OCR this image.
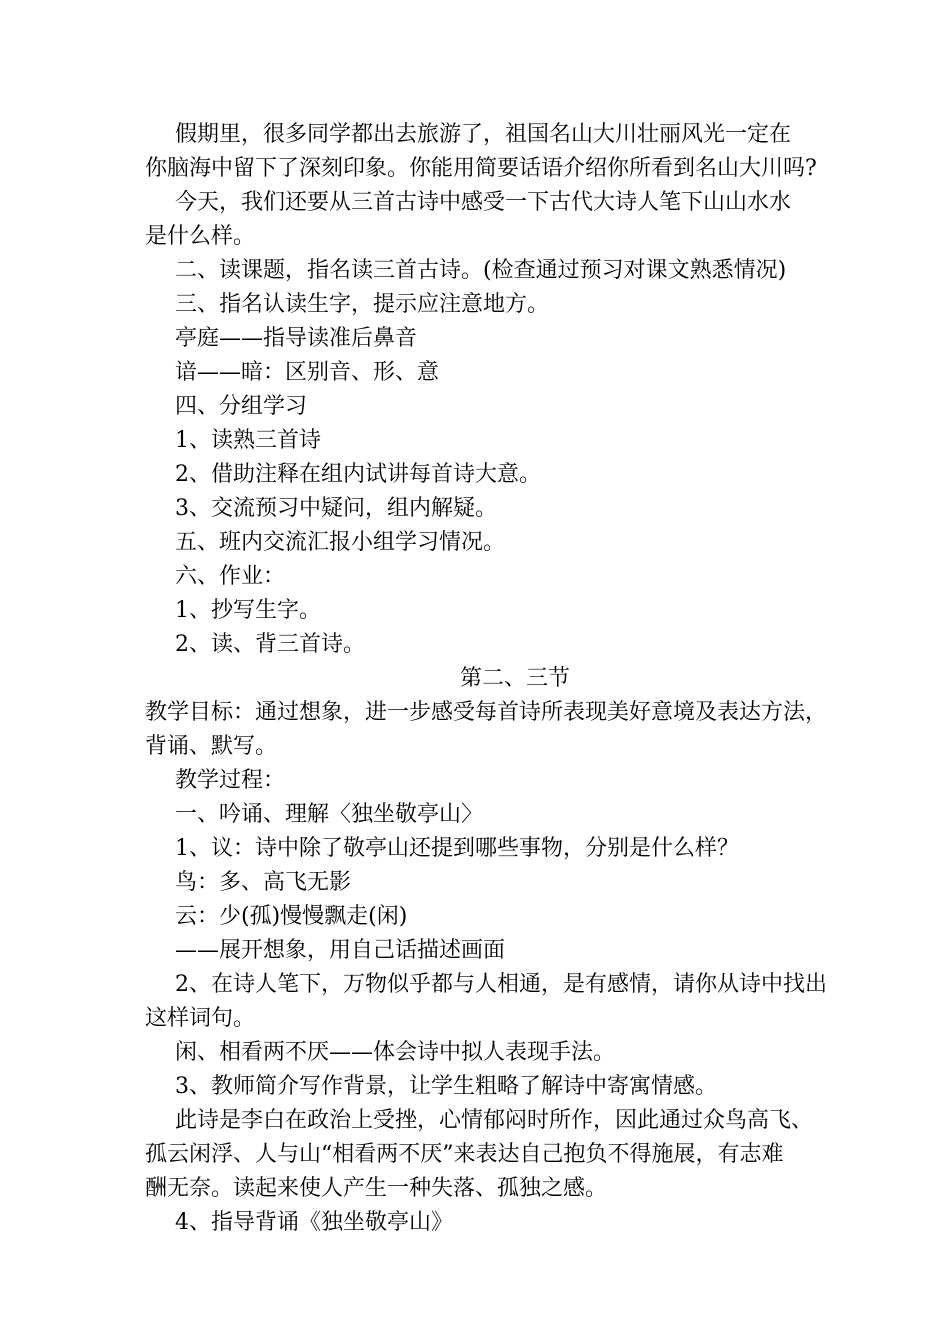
假期里，很多同学都出去旅游了，祖国名山大川壮丽风光一定在
你脑海中留下了深刻印象。你能用简要话语介绍你所看到名山大川吗?
今天，我们还要从三首古诗中感受一下古代大诗人笔下山山水水
是什么样。
二、读课题，指名读三首古诗。(检查通过预习对课文熟悉情况)
三、指名认读生字，提示应注意地方。
亭庭——指导读准后鼻音
谙——暗：区别音、形、意
四、分组学习
1、读熟三首诗
2、借助注释在组内试讲每首诗大意。
3、交流预习中疑问，组内解疑。
五、班内交流汇报小组学习情况。
六、作业：
1、抄写生字。
2、读、背三首诗。
第二、三节
教学目标：通过想象，进一步感受每首诗所表现美好意境及表达方法，
背诵、默写。
教学过程：
一、吟诵、理解〈独坐敬亭山〉
1、议：诗中除了敬亭山还提到哪些事物，分别是什么样？
鸟：多、高飞无影
云：少(孤)慢慢飘走(闲)
——展开想象，用自己话描述画面
2、在诗人笔下，万物似乎都与人相通，是有感情，请你从诗中找出
这样词句。
闲、相看两不厌——体会诗中拟人表现手法。
3、教师简介写作背景，让学生粗略了解诗中寄寓情感。
此诗是李白在政治上受挫，心情郁闷时所作，因此通过众鸟高飞、
孤云闲浮、人与山“相看两不厌”来表达自己抱负不得施展，有志难
酬无奈。读起来使人产生一种失落、孤独之感。
4、指导背诵《独坐敬亭山》
